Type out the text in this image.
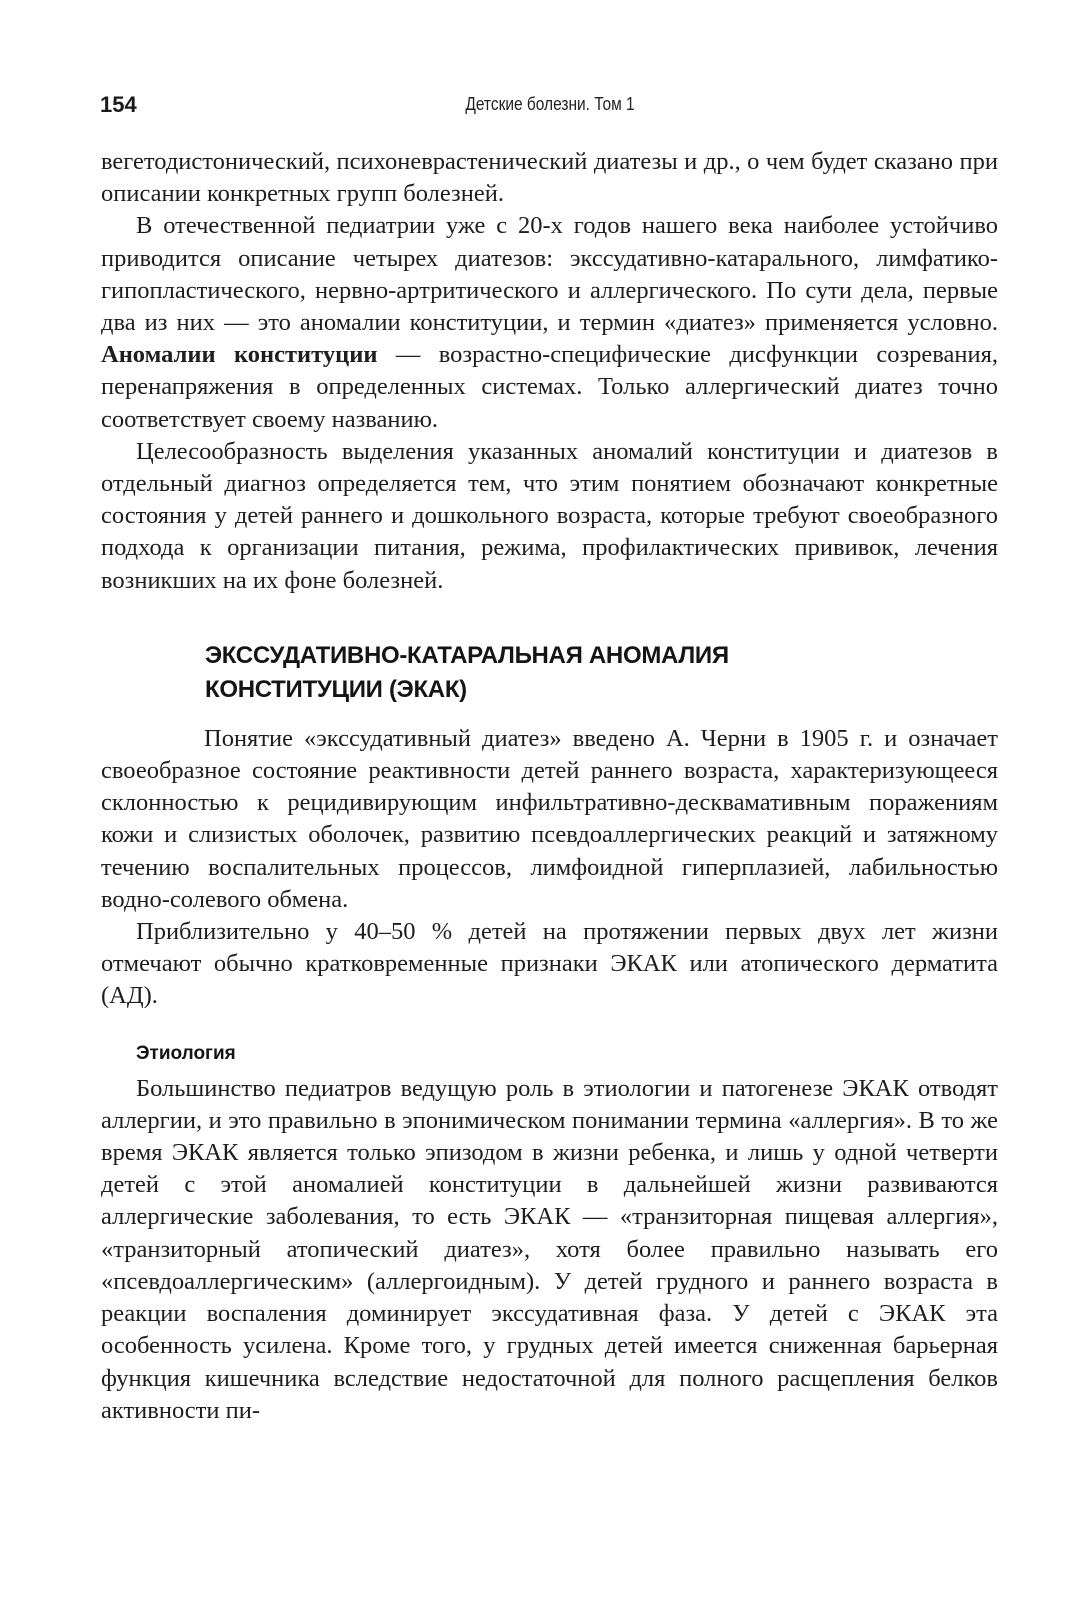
154	Детские болезни. Том 1

вегетодистонический, психоневрастенический диатезы и др., о чем будет сказано при описании конкретных групп болезней.

В отечественной педиатрии уже с 20-х годов нашего века наиболее устойчиво приводится описание четырех диатезов: экссудативно-катарального, лимфатико-гипопластического, нервно-артритического и аллергического. По сути дела, первые два из них — это аномалии конституции, и термин «диатез» применяется условно. Аномалии конституции — возрастно-специфические дисфункции созревания, перенапряжения в определенных системах. Только аллергический диатез точно соответствует своему названию.

Целесообразность выделения указанных аномалий конституции и диатезов в отдельный диагноз определяется тем, что этим понятием обозначают конкретные состояния у детей раннего и дошкольного возраста, которые требуют своеобразного подхода к организации питания, режима, профилактических прививок, лечения возникших на их фоне болезней.

ЭКССУДАТИВНО-КАТАРАЛЬНАЯ АНОМАЛИЯ
КОНСТИТУЦИИ (ЭКАК)

Понятие «экссудативный диатез» введено А. Черни в 1905 г. и означает своеобразное состояние реактивности детей раннего возраста, характеризующееся склонностью к рецидивирующим инфильтративно-десквамативным поражениям кожи и слизистых оболочек, развитию псевдоаллергических реакций и затяжному течению воспалительных процессов, лимфоидной гиперплазией, лабильностью водно-солевого обмена.

Приблизительно у 40–50 % детей на протяжении первых двух лет жизни отмечают обычно кратковременные признаки ЭКАК или атопического дерматита (АД).

Этиология

Большинство педиатров ведущую роль в этиологии и патогенезе ЭКАК отводят аллергии, и это правильно в эпонимическом понимании термина «аллергия». В то же время ЭКАК является только эпизодом в жизни ребенка, и лишь у одной четверти детей с этой аномалией конституции в дальнейшей жизни развиваются аллергические заболевания, то есть ЭКАК — «транзиторная пищевая аллергия», «транзиторный атопический диатез», хотя более правильно называть его «псевдоаллергическим» (аллергоидным). У детей грудного и раннего возраста в реакции воспаления доминирует экссудативная фаза. У детей с ЭКАК эта особенность усилена. Кроме того, у грудных детей имеется сниженная барьерная функция кишечника вследствие недостаточной для полного расщепления белков активности пи-
